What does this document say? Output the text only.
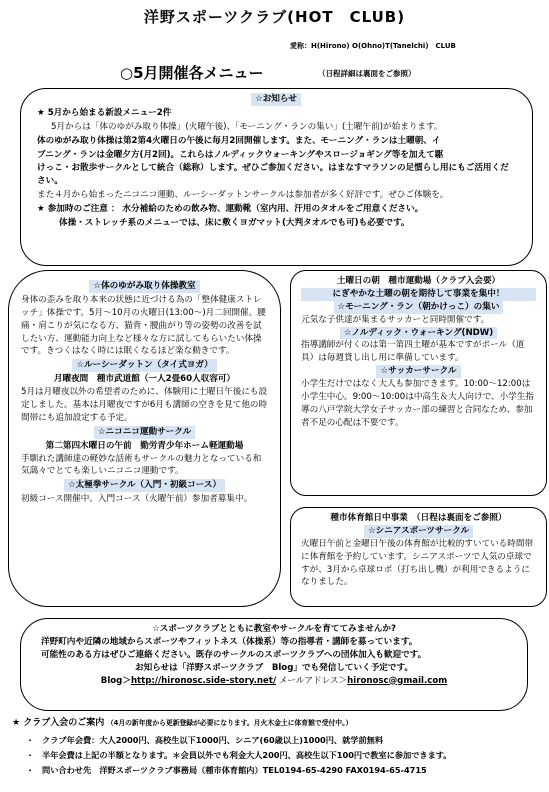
洋野スポーツクラブ(HOT　CLUB)
愛称：H(Hirono) O(Ohno)T(Tanelchi)　CLUB
○5月開催各メニュー	（日程詳細は裏面をご参照）
☆お知らせ

★ 5月から始まる新設メニュー2件

5月からは「体のゆがみ取り体操」(火曜午後)、「モーニング・ランの集い」(土曜午前)が始まります。

体のゆがみ取り体操は第2第4火曜日の午後に毎月2回開催します。また、モーニング・ランは土曜朝、イ

ブニング・ランは金曜夕方(月2回)。これらはノルディックウォーキングやスロージョギング等を加えて駆

けっこ・お散歩サークルとして統合（総称）します。ぜひご参加ください。はまなすマラソンの足慣らし用にもご活用ください。

また４月から始まったニコニコ運動、ルーシーダットンサークルは参加者が多く好評です。ぜひご体験を。

★ 参加時のご注意 ： 水分補給のための飲み物、運動靴（室内用、汗用のタオルをご用意ください。

体操・ストレッチ系のメニューでは、床に敷くヨガマット(大判タオルでも可)も必要です。

☆体のゆがみ取り体操教室

身体の歪みを取り本来の状態に近づける為の「整体健康ストレッチ」体操です。5月～10月の火曜日(13:00～)月二回開催。腰痛・肩こりが気になる方、猫背・腰曲がり等の姿勢の改善を試したい方、運動能力向上など様々な方に試してもらいたい体操です。きつくはなく時には眠くなるほど楽な動きです。

☆ルーシーダットン（タイ式ヨガ）

月曜夜間　種市武道館（一人2畳60人収容可）

5月は月曜夜以外の希望者のために、体験用に土曜日午後にも設定しました。基本は月曜夜ですが6月も講師の空きを見て他の時間帯にも追加設定する予定。

☆ニコニコ運動サークル

第二第四木曜日の午前　勤労青少年ホーム軽運動場

手馴れた講師達の軽妙な話術もサークルの魅力となっている和気藹々でとても楽しいニコニコ運動です。

☆太極拳サークル（入門・初級コース）

初級コース開催中。入門コース（火曜午前）参加者募集中。

土曜日の朝　種市運動場（クラブ入会要）

にぎやかな土曜の朝を期待して事業を集中！

☆モーニング・ラン（朝かけっこ）の集い

元気な子供達が集まるサッカーと同時開催です。

☆ノルディック・ウォーキング(NDW)

指導講師が付くのは第一第四土曜が基本ですがポール（道具）は毎週貸し出し用に準備しています。

☆サッカーサークル

小学生だけではなく大人も参加できます。10:00～12:00は小学生中心。9:00～10:00は中高生＆大人向けで、小学生指導の八戸学院大学女子サッカー部の練習と合同なため、参加者不足の心配は不要です。

種市体育館日中事業　（日程は裏面をご参照）

☆シニアスポーツサークル

火曜日午前と金曜日午後の体育館が比較的すいている時間帯に体育館を予約しています。シニアスポーツで人気の卓球ですが、3月から卓球ロボ（打ち出し機）が利用できるようになりました。

☆スポーツクラブとともに教室やサークルを育ててみませんか?

洋野町内や近隣の地域からスポーツやフィットネス（体操系）等の指導者・講師を募っています。

可能性のある方はぜひご連絡ください。既存のサークルのスポーツクラブへの団体加入も歓迎です。

お知らせは「洋野スポーツクラブ　Blog」でも発信していく予定です。

Blog＞http://hironosc.side-story.net/ メールアドレス＞hironosc@gmail.com

★ クラブ入会のご案内 （4月の新年度から更新登録が必要になります。月火木金土に体育館で受付中。）
・ クラブ年会費：大人2000円、高校生以下1000円、シニア(60歳以上)1000円、就学前無料
・ 半年会費は上記の半額となります。＊会員以外でも利金大人200円、高校生以下100円で教室に参加できます。
・ 問い合わせ先　洋野スポーツクラブ事務局（種市体育館内）TEL0194-65-4290 FAX0194-65-4715
